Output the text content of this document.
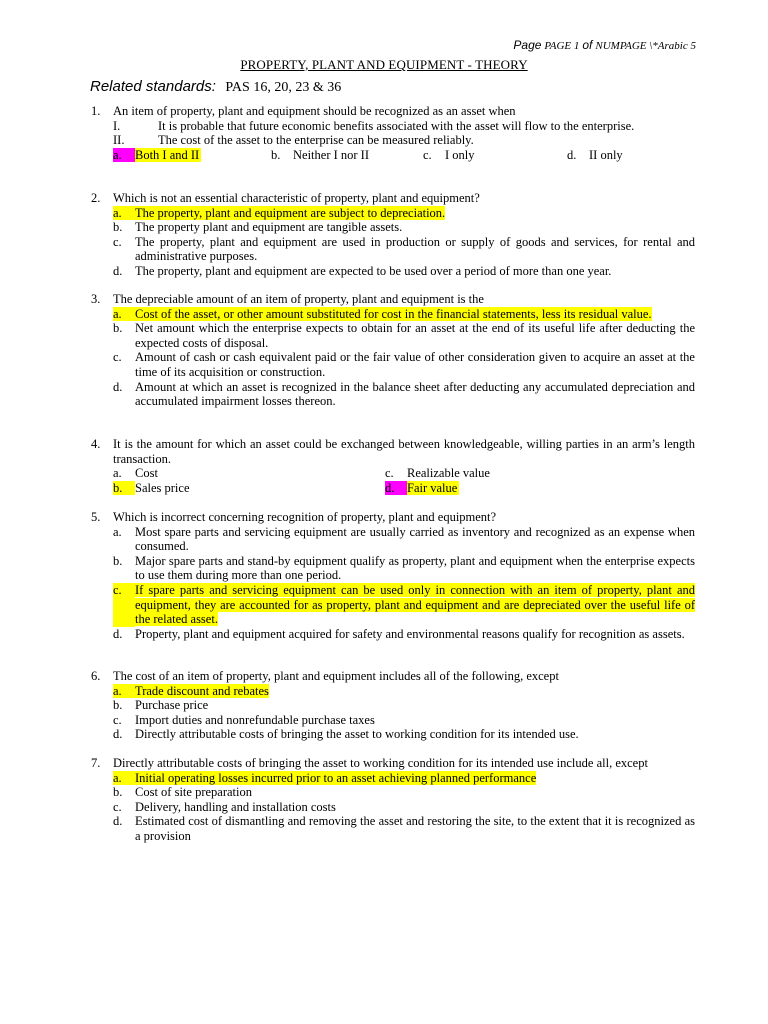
Page PAGE 1 of NUMPAGE \*Arabic 5
PROPERTY, PLANT AND EQUIPMENT - THEORY
Related standards: PAS 16, 20, 23 & 36
1.	An item of property, plant and equipment should be recognized as an asset when
I.	It is probable that future economic benefits associated with the asset will flow to the enterprise.
II.	The cost of the asset to the enterprise can be measured reliably.
a.	Both I and II	b.	Neither I nor II	c.	I only	d.	II only
2.	Which is not an essential characteristic of property, plant and equipment?
a.	The property, plant and equipment are subject to depreciation.
b.	The property plant and equipment are tangible assets.
c.	The property, plant and equipment are used in production or supply of goods and services, for rental and administrative purposes.
d.	The property, plant and equipment are expected to be used over a period of more than one year.
3.	The depreciable amount of an item of property, plant and equipment is the
a.	Cost of the asset, or other amount substituted for cost in the financial statements, less its residual value.
b.	Net amount which the enterprise expects to obtain for an asset at the end of its useful life after deducting the expected costs of disposal.
c.	Amount of cash or cash equivalent paid or the fair value of other consideration given to acquire an asset at the time of its acquisition or construction.
d.	Amount at which an asset is recognized in the balance sheet after deducting any accumulated depreciation and accumulated impairment losses thereon.
4.	It is the amount for which an asset could be exchanged between knowledgeable, willing parties in an arm’s length transaction.
a.	Cost	c.	Realizable value
b.	Sales price	d.	Fair value
5.	Which is incorrect concerning recognition of property, plant and equipment?
a.	Most spare parts and servicing equipment are usually carried as inventory and recognized as an expense when consumed.
b.	Major spare parts and stand-by equipment qualify as property, plant and equipment when the enterprise expects to use them during more than one period.
c.	If spare parts and servicing equipment can be used only in connection with an item of property, plant and equipment, they are accounted for as property, plant and equipment and are depreciated over the useful life of the related asset.
d.	Property, plant and equipment acquired for safety and environmental reasons qualify for recognition as assets.
6.	The cost of an item of property, plant and equipment includes all of the following, except
a.	Trade discount and rebates
b.	Purchase price
c.	Import duties and nonrefundable purchase taxes
d.	Directly attributable costs of bringing the asset to working condition for its intended use.
7.	Directly attributable costs of bringing the asset to working condition for its intended use include all, except
a.	Initial operating losses incurred prior to an asset achieving planned performance
b.	Cost of site preparation
c.	Delivery, handling and installation costs
d.	Estimated cost of dismantling and removing the asset and restoring the site, to the extent that it is recognized as a provision
